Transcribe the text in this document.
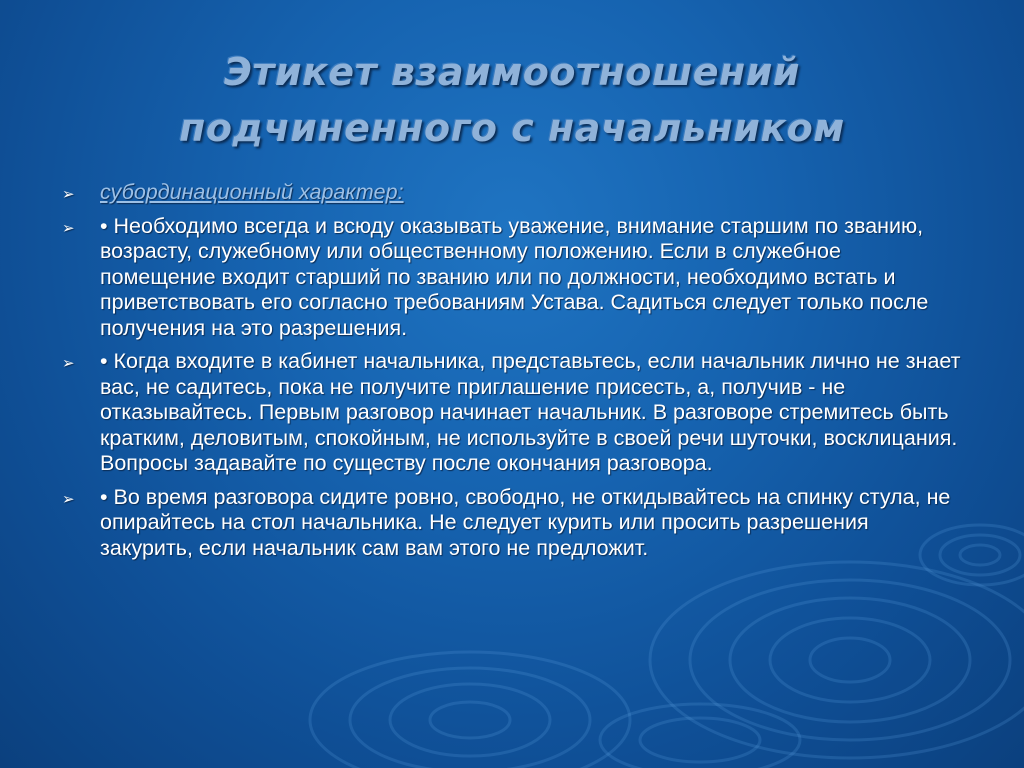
Этикет взаимоотношений
подчиненного с начальником
➢ субординационный характер:
➢ • Необходимо всегда и всюду оказывать уважение, внимание старшим по званию, возрасту, служебному или общественному положению. Если в служебное помещение входит старший по званию или по должности, необходимо встать и приветствовать его согласно требованиям Устава. Садиться следует только после получения на это разрешения.
➢ • Когда входите в кабинет начальника, представьтесь, если начальник лично не знает вас, не садитесь, пока не получите приглашение присесть, а, получив - не отказывайтесь. Первым разговор начинает начальник. В разговоре стремитесь быть кратким, деловитым, спокойным, не используйте в своей речи шуточки, восклицания. Вопросы задавайте по существу после окончания разговора.
➢ • Во время разговора сидите ровно, свободно, не откидывайтесь на спинку стула, не опирайтесь на стол начальника. Не следует курить или просить разрешения закурить, если начальник сам вам этого не предложит.
